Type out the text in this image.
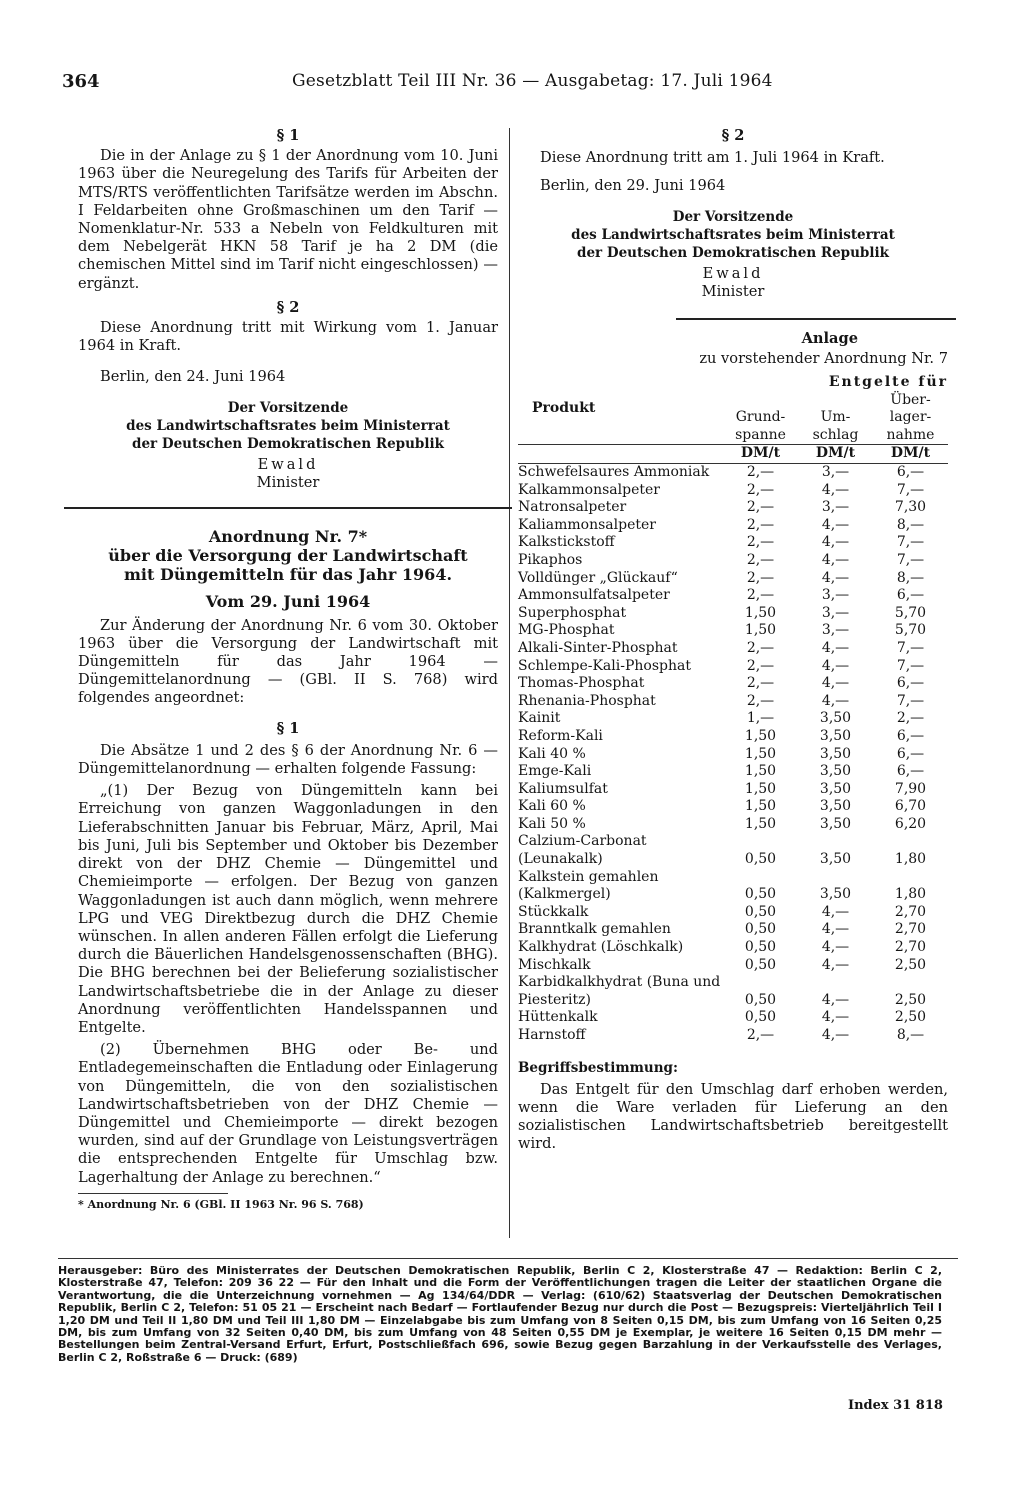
364	Gesetzblatt Teil III Nr. 36 — Ausgabetag: 17. Juli 1964
§ 1
Die in der Anlage zu § 1 der Anordnung vom 10. Juni 1963 über die Neuregelung des Tarifs für Arbeiten der MTS/RTS veröffentlichten Tarifsätze werden im Abschn. I Feldarbeiten ohne Großmaschinen um den Tarif — Nomenklatur-Nr. 533 a Nebeln von Feldkulturen mit dem Nebelgerät HKN 58 Tarif je ha 2 DM (die chemischen Mittel sind im Tarif nicht eingeschlossen) — ergänzt.
§ 2
Diese Anordnung tritt mit Wirkung vom 1. Januar 1964 in Kraft.
Berlin, den 24. Juni 1964
Der Vorsitzende
des Landwirtschaftsrates beim Ministerrat
der Deutschen Demokratischen Republik
Ewald
Minister
Anordnung Nr. 7*
über die Versorgung der Landwirtschaft
mit Düngemitteln für das Jahr 1964.
Vom 29. Juni 1964
Zur Änderung der Anordnung Nr. 6 vom 30. Oktober 1963 über die Versorgung der Landwirtschaft mit Düngemitteln für das Jahr 1964 — Düngemittelanordnung — (GBl. II S. 768) wird folgendes angeordnet:
§ 1
Die Absätze 1 und 2 des § 6 der Anordnung Nr. 6 — Düngemittelanordnung — erhalten folgende Fassung:
„(1) Der Bezug von Düngemitteln kann bei Erreichung von ganzen Waggonladungen in den Lieferabschnitten Januar bis Februar, März, April, Mai bis Juni, Juli bis September und Oktober bis Dezember direkt von der DHZ Chemie — Düngemittel und Chemieimporte — erfolgen. Der Bezug von ganzen Waggonladungen ist auch dann möglich, wenn mehrere LPG und VEG Direktbezug durch die DHZ Chemie wünschen. In allen anderen Fällen erfolgt die Lieferung durch die Bäuerlichen Handelsgenossenschaften (BHG). Die BHG berechnen bei der Belieferung sozialistischer Landwirtschaftsbetriebe die in der Anlage zu dieser Anordnung veröffentlichten Handelsspannen und Entgelte.
(2) Übernehmen BHG oder Be- und Entladegemeinschaften die Entladung oder Einlagerung von Düngemitteln, die von den sozialistischen Landwirtschaftsbetrieben von der DHZ Chemie — Düngemittel und Chemieimporte — direkt bezogen wurden, sind auf der Grundlage von Leistungsverträgen die entsprechenden Entgelte für Umschlag bzw. Lagerhaltung der Anlage zu berechnen.“
* Anordnung Nr. 6 (GBl. II 1963 Nr. 96 S. 768)
§ 2
Diese Anordnung tritt am 1. Juli 1964 in Kraft.
Berlin, den 29. Juni 1964
Der Vorsitzende
des Landwirtschaftsrates beim Ministerrat
der Deutschen Demokratischen Republik
Ewald
Minister
Anlage
zu vorstehender Anordnung Nr. 7
Produkt	Entgelte für		
	Grund-spanne	Um-schlag	Über-lager-nahme
	DM/t	DM/t	DM/t
Schwefelsaures Ammoniak	2,—	3,—	6,—
Kalkammonsalpeter	2,—	4,—	7,—
Natronsalpeter	2,—	3,—	7,30
Kaliammonsalpeter	2,—	4,—	8,—
Kalkstickstoff	2,—	4,—	7,—
Pikaphos	2,—	4,—	7,—
Volldünger „Glückauf“	2,—	4,—	8,—
Ammonsulfatsalpeter	2,—	3,—	6,—
Superphosphat	1,50	3,—	5,70
MG-Phosphat	1,50	3,—	5,70
Alkali-Sinter-Phosphat	2,—	4,—	7,—
Schlempe-Kali-Phosphat	2,—	4,—	7,—
Thomas-Phosphat	2,—	4,—	6,—
Rhenania-Phosphat	2,—	4,—	7,—
Kainit	1,—	3,50	2,—
Reform-Kali	1,50	3,50	6,—
Kali 40 %	1,50	3,50	6,—
Emge-Kali	1,50	3,50	6,—
Kaliumsulfat	1,50	3,50	7,90
Kali 60 %	1,50	3,50	6,70
Kali 50 %	1,50	3,50	6,20
Calzium-Carbonat (Leunakalk)	0,50	3,50	1,80
Kalkstein gemahlen (Kalkmergel)	0,50	3,50	1,80
Stückkalk	0,50	4,—	2,70
Branntkalk gemahlen	0,50	4,—	2,70
Kalkhydrat (Löschkalk)	0,50	4,—	2,70
Mischkalk	0,50	4,—	2,50
Karbidkalkhydrat (Buna und Piesteritz)	0,50	4,—	2,50
Hüttenkalk	0,50	4,—	2,50
Harnstoff	2,—	4,—	8,—
Begriffsbestimmung:
Das Entgelt für den Umschlag darf erhoben werden, wenn die Ware verladen für Lieferung an den sozialistischen Landwirtschaftsbetrieb bereitgestellt wird.
Herausgeber: Büro des Ministerrates der Deutschen Demokratischen Republik, Berlin C 2, Klosterstraße 47 — Redaktion: Berlin C 2, Klosterstraße 47, Telefon: 209 36 22 — Für den Inhalt und die Form der Veröffentlichungen tragen die Leiter der staatlichen Organe die Verantwortung, die die Unterzeichnung vornehmen — Ag 134/64/DDR — Verlag: (610/62) Staatsverlag der Deutschen Demokratischen Republik, Berlin C 2, Telefon: 51 05 21 — Erscheint nach Bedarf — Fortlaufender Bezug nur durch die Post — Bezugspreis: Vierteljährlich Teil I 1,20 DM und Teil II 1,80 DM und Teil III 1,80 DM — Einzelabgabe bis zum Umfang von 8 Seiten 0,15 DM, bis zum Umfang von 16 Seiten 0,25 DM, bis zum Umfang von 32 Seiten 0,40 DM, bis zum Umfang von 48 Seiten 0,55 DM je Exemplar, je weitere 16 Seiten 0,15 DM mehr — Bestellungen beim Zentral-Versand Erfurt, Erfurt, Postschließfach 696, sowie Bezug gegen Barzahlung in der Verkaufsstelle des Verlages, Berlin C 2, Roßstraße 6 — Druck: (689)
Index 31 818
